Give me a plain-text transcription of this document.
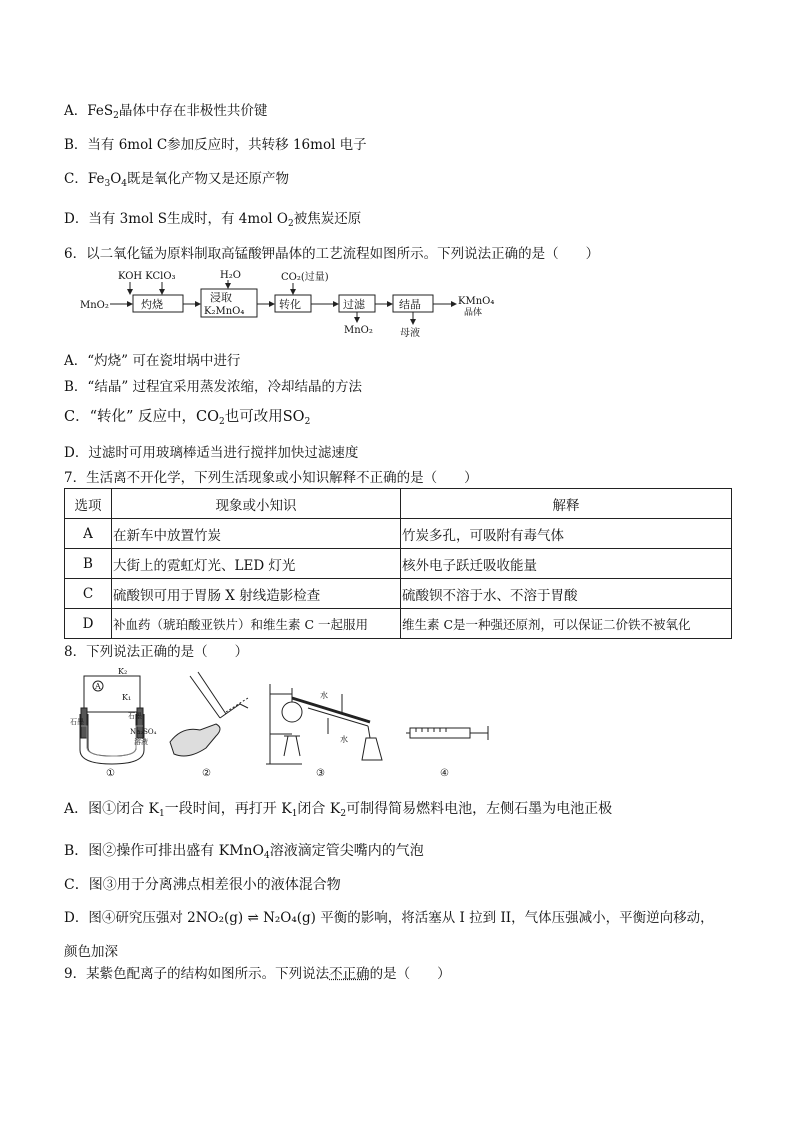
A．FeS$_2$晶体中存在非极性共价键
B．当有 6mol C参加反应时，共转移 16mol 电子
C．$Fe_3O_4$既是氧化产物又是还原产物
D．当有 3mol S生成时，有 4mol $O_2$被焦炭还原
6．以二氧化锰为原料制取高锰酸钾晶体的工艺流程如图所示。下列说法正确的是（　　）
MnO₂
KOH KClO₃
灼烧
H₂O
浸取
K₂MnO₄
CO₂(过量)
转化	过滤
MnO₂
结晶
母液
KMnO₄
晶体
A．“灼烧” 可在瓷坩埚中进行
B．“结晶” 过程宜采用蒸发浓缩，冷却结晶的方法
C．“转化” 反应中，$CO_2$也可改用$SO_2$
D．过滤时可用玻璃棒适当进行搅拌加快过滤速度
7．生活离不开化学，下列生活现象或小知识解释不正确的是（　　）
选项	现象或小知识	解释
A	在新车中放置竹炭	竹炭多孔，可吸附有毒气体
B	大街上的霓虹灯光、LED 灯光	核外电子跃迁吸收能量
C	硫酸钡可用于胃肠 X 射线造影检查	硫酸钡不溶于水、不溶于胃酸
D	补血药（琥珀酸亚铁片）和维生素 C 一起服用	维生素 C是一种强还原剂，可以保证二价铁不被氧化
8．下列说法正确的是（　　）
A
K₂
K₁
石墨
石墨
Na₂SO₄
溶液
①	②
水
水
③	④
A．图①闭合 $K_1$一段时间，再打开 $K_1$闭合 $K_2$可制得简易燃料电池，左侧石墨为电池正极
B．图②操作可排出盛有 KMnO$_4$溶液滴定管尖嘴内的气泡
C．图③用于分离沸点相差很小的液体混合物
D．图④研究压强对 2NO₂(g) ⇌ N₂O₄(g) 平衡的影响，将活塞从 I 拉到 II，气体压强减小，平衡逆向移动，
颜色加深
9．某紫色配离子的结构如图所示。下列说法不正确的是（　　）
